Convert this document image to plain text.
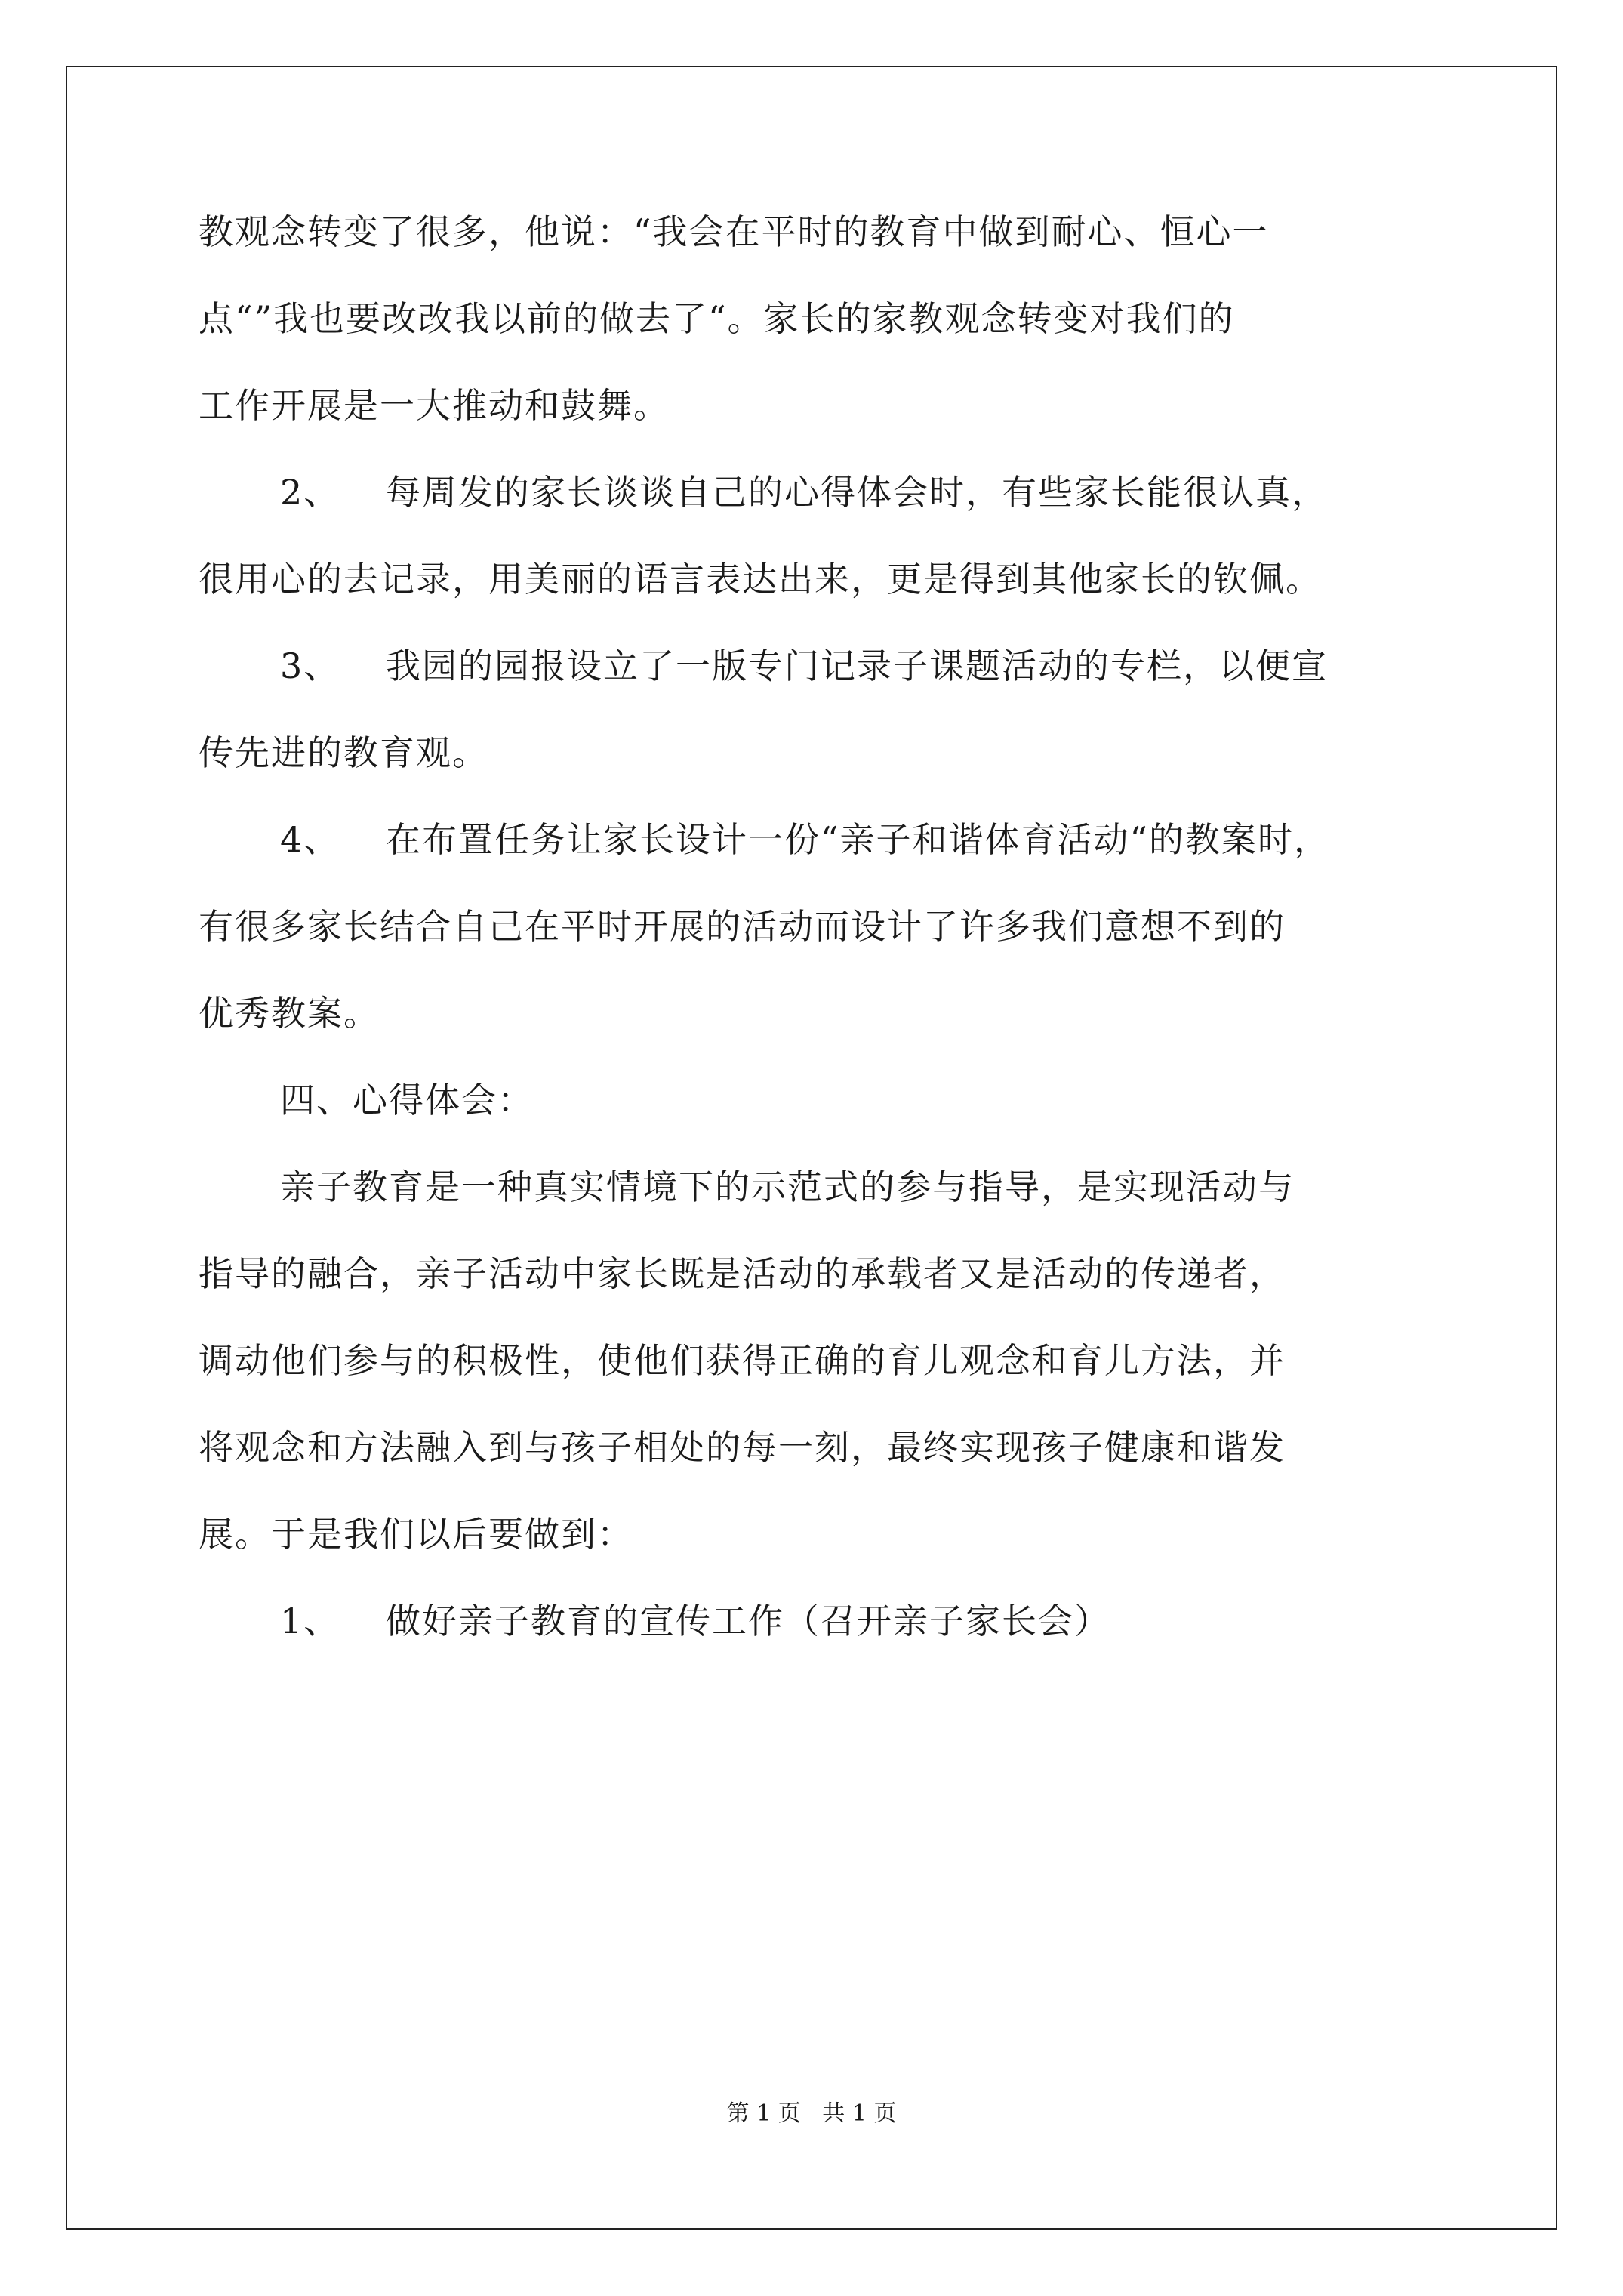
教观念转变了很多，他说：“我会在平时的教育中做到耐心、恒心一
点“”我也要改改我以前的做去了“。家长的家教观念转变对我们的
工作开展是一大推动和鼓舞。
2、 每周发的家长谈谈自己的心得体会时，有些家长能很认真，
很用心的去记录，用美丽的语言表达出来，更是得到其他家长的钦佩。
3、 我园的园报设立了一版专门记录子课题活动的专栏，以便宣
传先进的教育观。
4、 在布置任务让家长设计一份“亲子和谐体育活动“的教案时，
有很多家长结合自己在平时开展的活动而设计了许多我们意想不到的
优秀教案。
四、心得体会：
亲子教育是一种真实情境下的示范式的参与指导，是实现活动与
指导的融合，亲子活动中家长既是活动的承载者又是活动的传递者，
调动他们参与的积极性，使他们获得正确的育儿观念和育儿方法，并
将观念和方法融入到与孩子相处的每一刻，最终实现孩子健康和谐发
展。于是我们以后要做到：
1、 做好亲子教育的宣传工作（召开亲子家长会）
第 1 页   共 1 页
